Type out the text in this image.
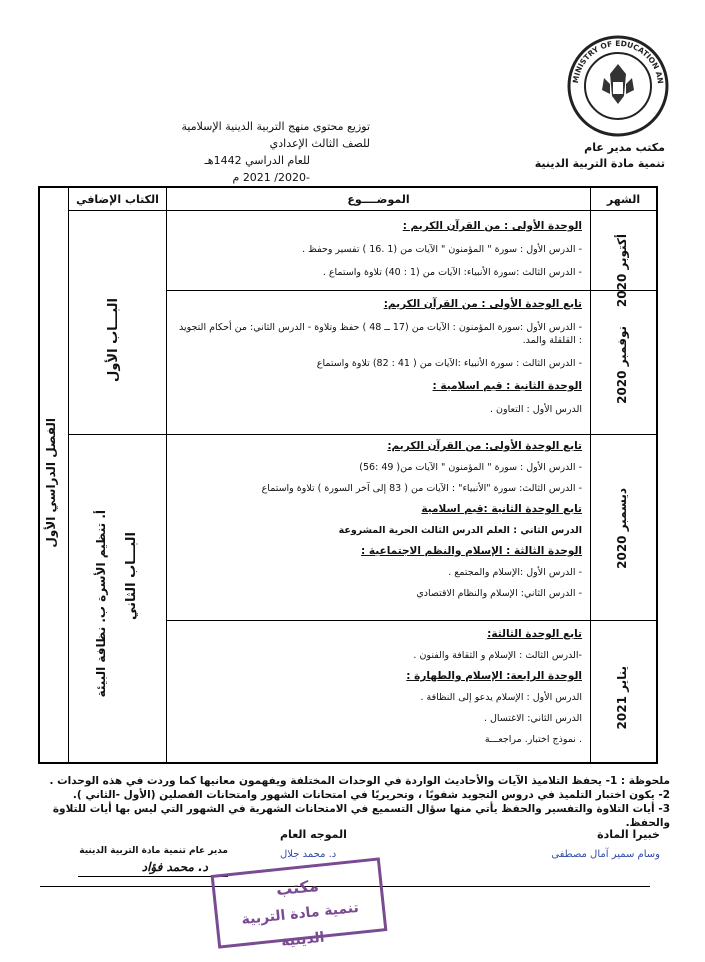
MINISTRY OF EDUCATION AN
مكتب مدير عام
تنمية مادة التربية الدينية
توزيع محتوى منهج التربية الدينية الإسلامية للصف الثالث الإعدادي
للعام الدراسي 1442هـ -2020/ 2021 م
الشهر
الموضــــوع
الكتاب الإضافي
الفصل الدراسي الأول
أكتوبر 2020
نوفمبر 2020
ديسمبر 2020
يناير 2021
البـــاب الأول
البـــاب الثاني
أ. تنظيم الأسرة ب. نظافة البيئة

الوحدة الأولى : من القرآن الكريم :

- الدرس الأول : سورة " المؤمنون " الآيات من (1 .16 ) تفسير وحفظ .

- الدرس الثالث :سورة الأنبياء: الآيات من (1 : 40) تلاوة واستماع .

تابع الوحدة الأولى : من القرآن الكريم:

- الدرس الأول :سورة المؤمنون : الآيات من (17 ــ 48 ) حفظ وتلاوة - الدرس الثاني: من أحكام التجويد : القلقلة والمد.

- الدرس الثالث : سورة الأنبياء :الآيات من ( 41 : 82) تلاوة واستماع

الوحدة الثانية : قيم اسلامية :

الدرس الأول : التعاون .

تابع الوحدة الأولى: من القرآن الكريم:

- الدرس الأول : سورة " المؤمنون " الآيات من( 49 :56)

- الدرس الثالث: سورة "الأنبياء" : الآيات من ( 83 إلى آخر السورة ) تلاوة واستماع

تابع الوحدة الثانية :قيم اسلامية

الدرس الثاني : العلم الدرس الثالث الحرية المشروعة

الوحدة الثالثة : الإسلام والنظم الاجتماعية :

- الدرس الأول :الإسلام والمجتمع .

- الدرس الثاني: الإسلام والنظام الاقتصادي

تابع الوحدة الثالثة:

-الدرس الثالث : الإسلام و الثقافة والفنون .

الوحدة الرابعة: الإسلام والطهارة :

الدرس الأول : الإسلام يدعو إلى النظافة .

الدرس الثاني: الاغتسال .

. نموذج اختبار. مراجعـــة

ملحوظة : 1- يحفظ التلاميذ الآيات والأحاديث الواردة في الوحدات المختلفة ويفهمون معانيها كما وردت في هذه الوحدات .
2- يكون اختبار التلميذ في دروس التجويد شفويًا ، وتحريريًا في امتحانات الشهور وامتحانات الفصلين (الأول -الثاني ).
3- أيات التلاوة والتفسير والحفظ يأتي منها سؤال التسميع في الامتحانات الشهرية في الشهور التي ليس بها أيات للتلاوة والحفظ.
خبيرا المادة
الموجه العام
وسام سمير آمال مصطفى
د. محمد جلال
مدير عام تنمية مادة التربية الدينية
د. محمد فؤاد
مكتب
تنمية مادة التربية الدينية
